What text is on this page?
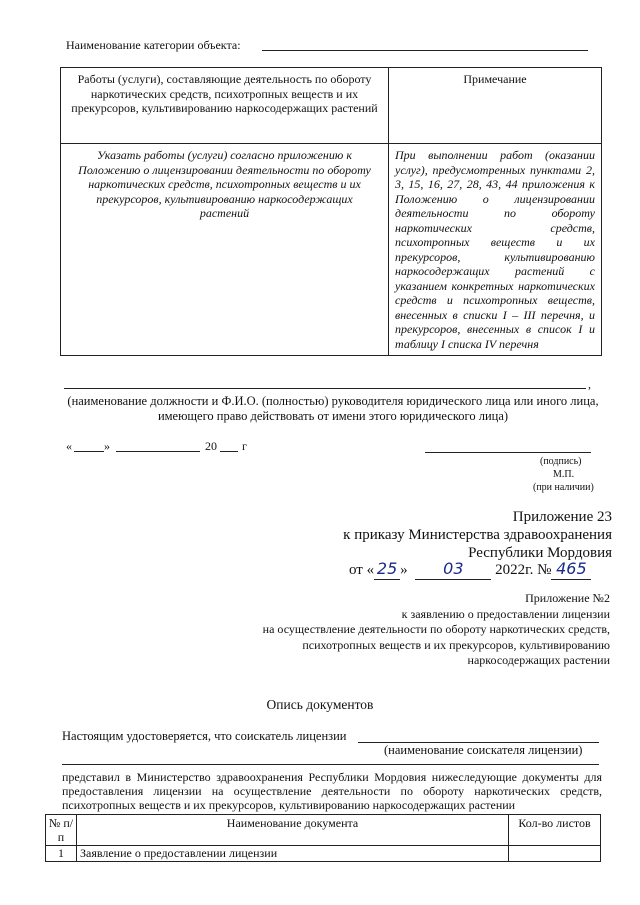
Наименование категории объекта:
Работы (услуги), составляющие деятельность по обороту наркотических средств, психотропных веществ и их прекурсоров, культивированию наркосодержащих растений	Примечание
Указать работы (услуги) согласно приложению к Положению о лицензировании деятельности по обороту наркотических средств, психотропных веществ и их прекурсоров, культивированию наркосодержащих растений	При выполнении работ (оказании услуг), предусмотренных пунктами 2, 3, 15, 16, 27, 28, 43, 44 приложения к Положению о лицензировании деятельности по обороту наркотических средств, психотропных веществ и их прекурсоров, культивированию наркосодержащих растений с указанием конкретных наркотических средств и психотропных веществ, внесенных в списки I – III перечня, и прекурсоров, внесенных в список I и таблицу I списка IV перечня
,
(наименование должности и Ф.И.О. (полностью) руководителя юридического лица или иного лица, имеющего право действовать от имени этого юридического лица)
«	»	20 г
(подпись)
М.П.
(при наличии)
Приложение 23
к приказу Министерства здравоохранения
Республики Мордовия
от « 25 » 03 2022г. № 465
Приложение №2
к заявлению о предоставлении лицензии
на осуществление деятельности по обороту наркотических средств,
психотропных веществ и их прекурсоров, культивированию
наркосодержащих растении
Опись документов
Настоящим удостоверяется, что соискатель лицензии
(наименование соискателя лицензии)
представил в Министерство здравоохранения Республики Мордовия нижеследующие документы для предоставления лицензии на осуществление деятельности по обороту наркотических средств, психотропных веществ и их прекурсоров, культивированию наркосодержащих растении
№ п/п	Наименование документа	Кол-во листов
1	Заявление о предоставлении лицензии	
